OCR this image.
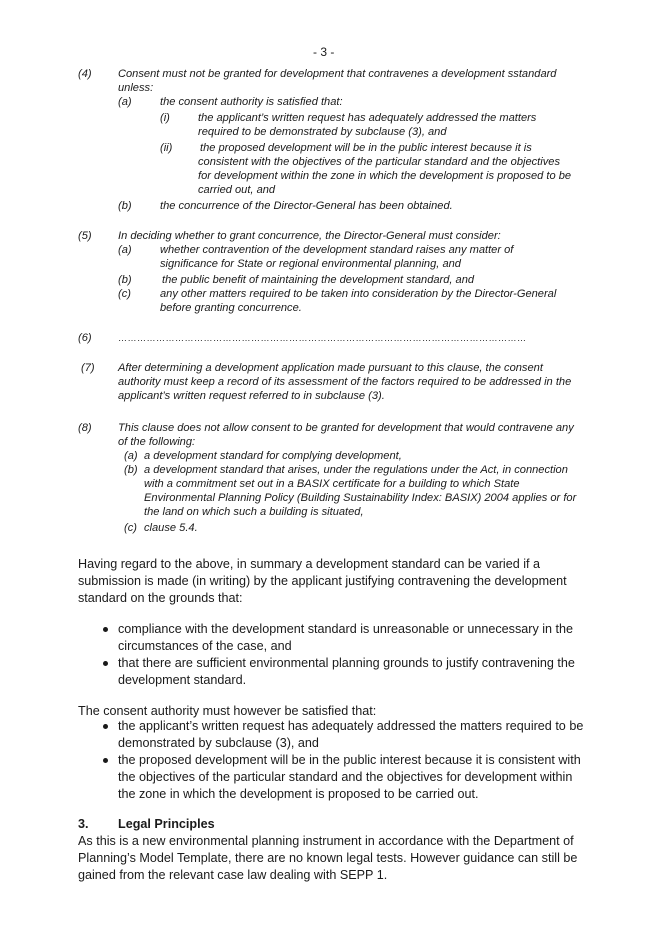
- 3 -
(4) Consent must not be granted for development that contravenes a development sstandard
unless:
(a)	the consent authority is satisfied that:
(i)	the applicant’s written request has adequately addressed the matters
required to be demonstrated by subclause (3), and
(ii) the proposed development will be in the public interest because it is
consistent with the objectives of the particular standard and the objectives
for development within the zone in which the development is proposed to be
carried out, and
(b)	the concurrence of the Director-General has been obtained.
(5) In deciding whether to grant concurrence, the Director-General must consider:
(a)	whether contravention of the development standard raises any matter of
significance for State or regional environmental planning, and
(b)	the public benefit of maintaining the development standard, and
(c)	any other matters required to be taken into consideration by the Director-General
before granting concurrence.
(6)	…………………………………………………………………………………………………………………
(7) After determining a development application made pursuant to this clause, the consent
authority must keep a record of its assessment of the factors required to be addressed in the
applicant’s written request referred to in subclause (3).
(8) This clause does not allow consent to be granted for development that would contravene any
of the following:
(a) a development standard for complying development,
(b) a development standard that arises, under the regulations under the Act, in connection
with a commitment set out in a BASIX certificate for a building to which State
Environmental Planning Policy (Building Sustainability Index: BASIX) 2004 applies or for
the land on which such a building is situated,
(c) clause 5.4.
Having regard to the above, in summary a development standard can be varied if a
submission is made (in writing) by the applicant justifying contravening the development
standard on the grounds that:
compliance with the development standard is unreasonable or unnecessary in the
circumstances of the case, and
that there are sufficient environmental planning grounds to justify contravening the
development standard.
The consent authority must however be satisfied that:
the applicant’s written request has adequately addressed the matters required to be
demonstrated by subclause (3), and
the proposed development will be in the public interest because it is consistent with
the objectives of the particular standard and the objectives for development within
the zone in which the development is proposed to be carried out.
3. Legal Principles
As this is a new environmental planning instrument in accordance with the Department of
Planning’s Model Template, there are no known legal tests. However guidance can still be
gained from the relevant case law dealing with SEPP 1.
